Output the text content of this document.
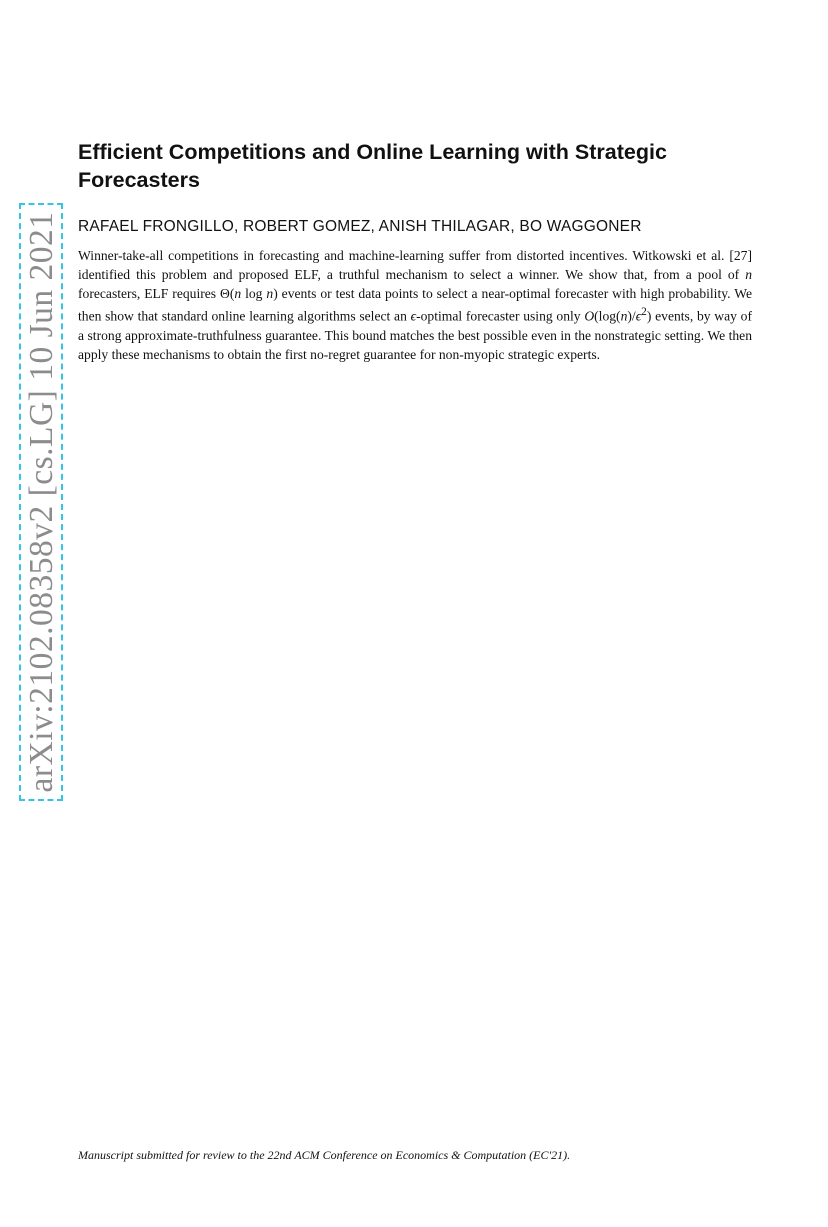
arXiv:2102.08358v2 [cs.LG] 10 Jun 2021
Efficient Competitions and Online Learning with Strategic Forecasters
RAFAEL FRONGILLO, ROBERT GOMEZ, ANISH THILAGAR, BO WAGGONER

Winner-take-all competitions in forecasting and machine-learning suffer from distorted incentives. Witkowski et al. [27] identified this problem and proposed ELF, a truthful mechanism to select a winner. We show that, from a pool of n forecasters, ELF requires Θ(n log n) events or test data points to select a near-optimal forecaster with high probability. We then show that standard online learning algorithms select an ϵ-optimal forecaster using only $O(\log(n)/\epsilon^2)$ events, by way of a strong approximate-truthfulness guarantee. This bound matches the best possible even in the nonstrategic setting. We then apply these mechanisms to obtain the first no-regret guarantee for non-myopic strategic experts.

Manuscript submitted for review to the 22nd ACM Conference on Economics & Computation (EC'21).
